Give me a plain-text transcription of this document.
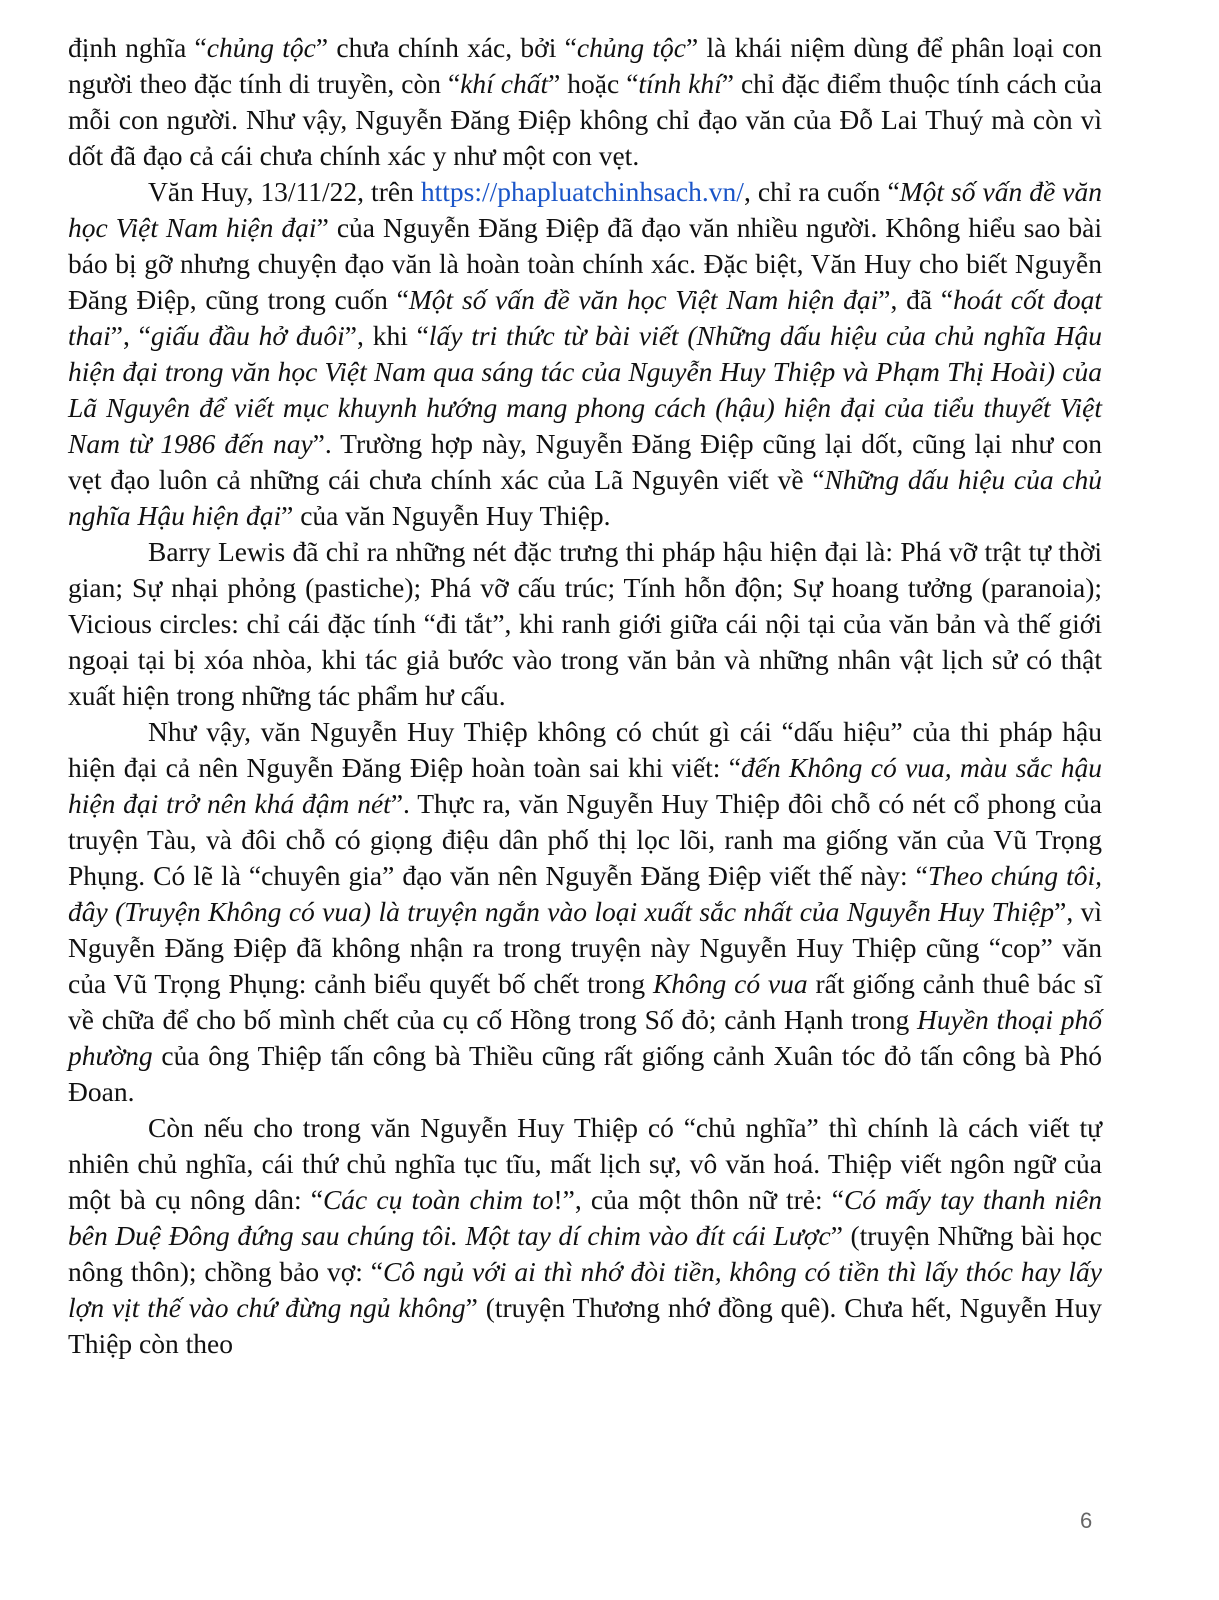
định nghĩa “chủng tộc” chưa chính xác, bởi “chủng tộc” là khái niệm dùng để phân loại con người theo đặc tính di truyền, còn “khí chất” hoặc “tính khí” chỉ đặc điểm thuộc tính cách của mỗi con người. Như vậy, Nguyễn Đăng Điệp không chỉ đạo văn của Đỗ Lai Thuý mà còn vì dốt đã đạo cả cái chưa chính xác y như một con vẹt.

Văn Huy, 13/11/22, trên https://phapluatchinhsach.vn/, chỉ ra cuốn “Một số vấn đề văn học Việt Nam hiện đại” của Nguyễn Đăng Điệp đã đạo văn nhiều người. Không hiểu sao bài báo bị gỡ nhưng chuyện đạo văn là hoàn toàn chính xác. Đặc biệt, Văn Huy cho biết Nguyễn Đăng Điệp, cũng trong cuốn “Một số vấn đề văn học Việt Nam hiện đại”, đã “hoát cốt đoạt thai”, “giấu đầu hở đuôi”, khi “lấy tri thức từ bài viết (Những dấu hiệu của chủ nghĩa Hậu hiện đại trong văn học Việt Nam qua sáng tác của Nguyễn Huy Thiệp và Phạm Thị Hoài) của Lã Nguyên để viết mục khuynh hướng mang phong cách (hậu) hiện đại của tiểu thuyết Việt Nam từ 1986 đến nay”. Trường hợp này, Nguyễn Đăng Điệp cũng lại dốt, cũng lại như con vẹt đạo luôn cả những cái chưa chính xác của Lã Nguyên viết về “Những dấu hiệu của chủ nghĩa Hậu hiện đại” của văn Nguyễn Huy Thiệp.

Barry Lewis đã chỉ ra những nét đặc trưng thi pháp hậu hiện đại là: Phá vỡ trật tự thời gian; Sự nhại phỏng (pastiche); Phá vỡ cấu trúc; Tính hỗn độn; Sự hoang tưởng (paranoia); Vicious circles: chỉ cái đặc tính “đi tắt”, khi ranh giới giữa cái nội tại của văn bản và thế giới ngoại tại bị xóa nhòa, khi tác giả bước vào trong văn bản và những nhân vật lịch sử có thật xuất hiện trong những tác phẩm hư cấu.

Như vậy, văn Nguyễn Huy Thiệp không có chút gì cái “dấu hiệu” của thi pháp hậu hiện đại cả nên Nguyễn Đăng Điệp hoàn toàn sai khi viết: “đến Không có vua, màu sắc hậu hiện đại trở nên khá đậm nét”. Thực ra, văn Nguyễn Huy Thiệp đôi chỗ có nét cổ phong của truyện Tàu, và đôi chỗ có giọng điệu dân phố thị lọc lõi, ranh ma giống văn của Vũ Trọng Phụng. Có lẽ là “chuyên gia” đạo văn nên Nguyễn Đăng Điệp viết thế này: “Theo chúng tôi, đây (Truyện Không có vua) là truyện ngắn vào loại xuất sắc nhất của Nguyễn Huy Thiệp”, vì Nguyễn Đăng Điệp đã không nhận ra trong truyện này Nguyễn Huy Thiệp cũng “cop” văn của Vũ Trọng Phụng: cảnh biểu quyết bố chết trong Không có vua rất giống cảnh thuê bác sĩ về chữa để cho bố mình chết của cụ cố Hồng trong Số đỏ; cảnh Hạnh trong Huyền thoại phố phường của ông Thiệp tấn công bà Thiều cũng rất giống cảnh Xuân tóc đỏ tấn công bà Phó Đoan.

Còn nếu cho trong văn Nguyễn Huy Thiệp có “chủ nghĩa” thì chính là cách viết tự nhiên chủ nghĩa, cái thứ chủ nghĩa tục tĩu, mất lịch sự, vô văn hoá. Thiệp viết ngôn ngữ của một bà cụ nông dân: “Các cụ toàn chim to!”, của một thôn nữ trẻ: “Có mấy tay thanh niên bên Duệ Đông đứng sau chúng tôi. Một tay dí chim vào đít cái Lược” (truyện Những bài học nông thôn); chồng bảo vợ: “Cô ngủ với ai thì nhớ đòi tiền, không có tiền thì lấy thóc hay lấy lợn vịt thế vào chứ đừng ngủ không” (truyện Thương nhớ đồng quê). Chưa hết, Nguyễn Huy Thiệp còn theo

6
